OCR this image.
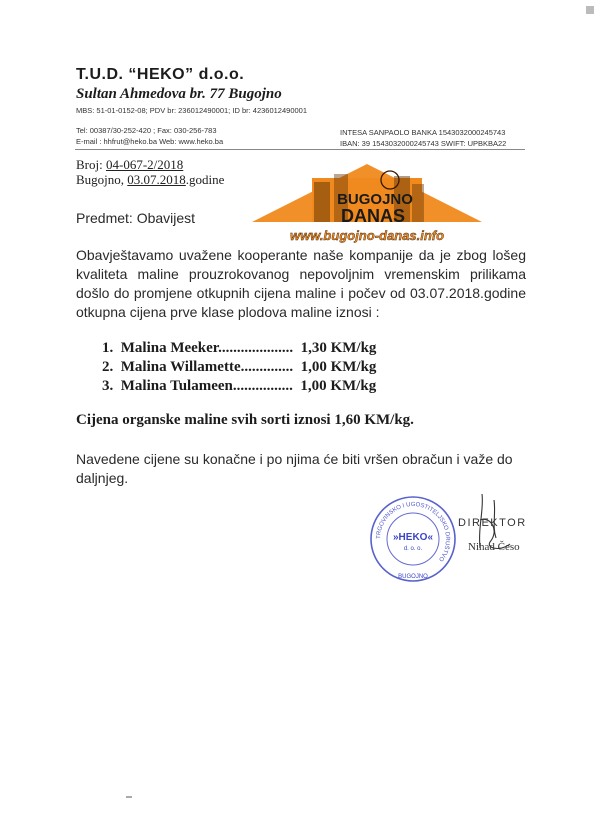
T.U.D. “HEKO” d.o.o.
Sultan Ahmedova br. 77 Bugojno
MBS: 51-01-0152-08; PDV br: 236012490001; ID br: 4236012490001
Tel: 00387/30-252-420 ; Fax: 030-256-783
E-mail : hhfrut@heko.ba Web: www.heko.ba
INTESA SANPAOLO BANKA 1543032000245743
IBAN: 39 1543032000245743 SWIFT: UPBKBA22
Broj: 04-067-2/2018
Bugojno, 03.07.2018.godine
BUGOJNO
DANAS
www.bugojno-danas.info
Predmet: Obavijest
Obavještavamo uvažene kooperante naše kompanije da je zbog lošeg kvaliteta maline prouzrokovanog nepovoljnim vremenskim prilikama došlo do promjene otkupnih cijena maline i počev od 03.07.2018.godine otkupna cijena prve klase plodova maline iznosi :
1.  Malina Meeker....................  1,30 KM/kg
2.  Malina Willamette..............  1,00 KM/kg
3.  Malina Tulameen................  1,00 KM/kg
Cijena organske maline svih sorti iznosi 1,60 KM/kg.
Navedene cijene su konačne i po njima će biti vršen obračun i važe do daljnjeg.
TRGOVINSKO I UGOSTITELJSKO DRUŠTVO
»HEKO«
d. o. o.
BUGOJNO
DIREKTOR
Nihad Česo
